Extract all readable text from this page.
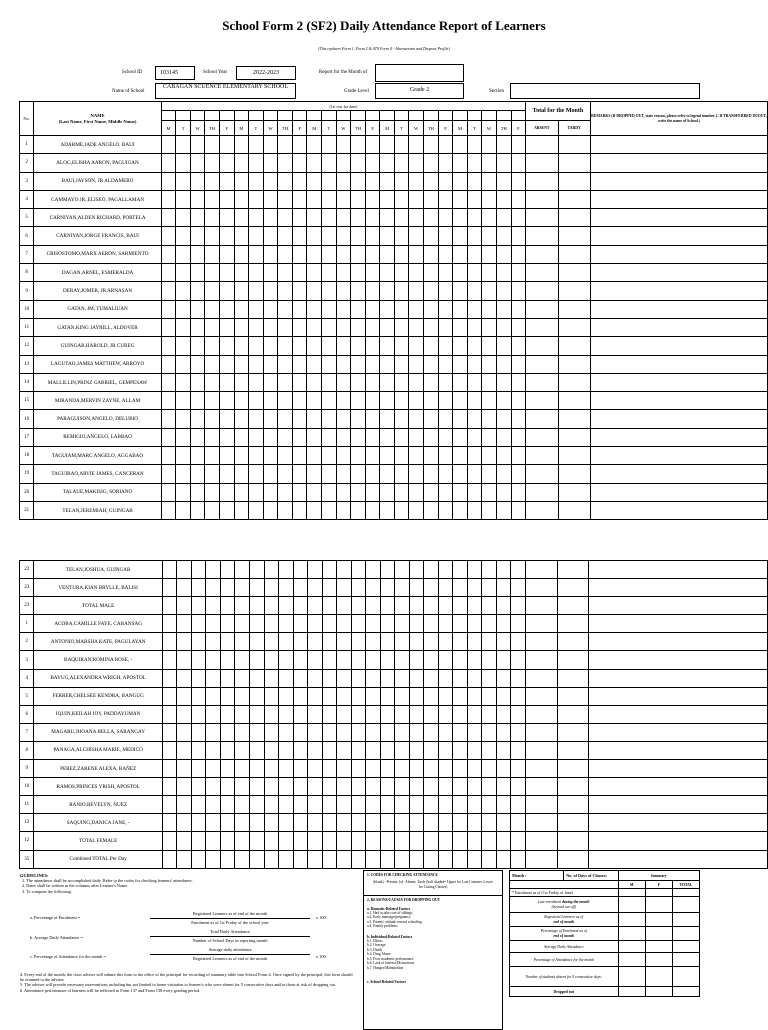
School Form 2 (SF2) Daily Attendance Report of Learners
(This replaces Form 1, Form 2 & STS Form 4 - Absenteeism and Dropout Profile)
School ID	103145	School Year	2022-2023	Report for the Month of
Name of School
CABAGAN SCUENCE ELEMENTARY SCHOOL
Grade Level	Grade 2	Section
No.	NAME
(Last Name, First Name, Middle Name)	(1st row for date)																									Total for the Month		REMARKS (If DROPPED OUT, state reason, please refer to legend number 2. If TRANSFERRED IN/OUT, write the name of School.)

		M	T	W	TH	F	M	T	W	TH	F	M	T	W	TH	F	M	T	W	TH	F	M	T	W	TH	F	ABSENT	TARDY	
1	ADARME,JADE ANGELO, BAUI																												
2	ALOG,ELISHA AARON, PAGUIGAN																												
3	BAUI,JAYSON, JR ALDAMERO																												
4	CAMMAYO JR.,ELISEO, PAGALLAMAN																												
5	CARNIYAN,ALDEN RICHARD, PORTELA																												
6	CARNIYAN,JORGE FRANCIS, BAUI																												
7	CRISOSTOMO,MARX AERON, SARMIENTO																												
8	DAGAN,ARNEL, ESMERALDA																												
9	DERAY,JOMER, JR ARNASAN																												
10	GATAN, JM, TUMALIUAN																												
11	GATAN,KING JAYRILL, ALDOVER																												
12	GUINGAB,HAROLD, JR CUREG																												
13	LAGUTAO,JAMES MATTHEW, ARROYO																												
14	MALLILLIN,PRINZ GABRIEL, GEMPESAW																												
15	MIRANDA,MERVIN ZAYNE, ALLAM																												
16	PARAGUISON,ANGELO, DELUBIO																												
17	REMIGIO,ANGELO, LABBAO																												
18	TAGUIAM,MARC ANGELO, AGGABAO																												
19	TAGUIBAO,ARVIE JAMES, CANCERAN																												
20	TALAUE,MAKISIG, SORIANO																												
21	TELAN,JEREMIAH, GUINGAB																												
22	TELAN,JOSHUA, GUINGAB																												
23	VENTURA,KIAN BRYLLE, BALISI																												
23	TOTAL MALE																												
1	ACOBA,CAMILLE FAYE, CABANSAG																												
2	ANTONIO,MARSHA KATE, PAGULAYAN																												
3	BAQUIRAN,ROMINA ROSE, -																												
4	BAYUG,ALEXANDRA WRIGH, APOSTOL																												
5	FERRER,CHELSEE KENDRA, BANGUG																												
6	IQUIN,KEILAH JOY, PADDAYUMAN																												
7	MAGARU,JHOANA BELLA, SARANGAY																												
8	PANAGA,ALCHISHA MARIE, MEDICO																												
9	PEREZ,ZARENE ALEXA, BAÑEZ																												
10	RAMOS,PRINCES YRISH, APOSTOL																												
11	RANIO,REVELYN, NUEZ																												
12	SAQUING,DANICA JANE, -																												
12	TOTAL FEMALE																												
35	Combined TOTAL Per Day																												
GUIDELINES:
1. The attendance shall be accomplished daily. Refer to the codes for checking learners' attendance.
2. Dates shall be written in the columns after Learner's Name.
3. To compute the following:
a. Percentage of Enrolment =
Registered Learners as of end of the month
Enrolment as of 1st Friday of the school year
x 100
b. Average Daily Attendance =
Total Daily Attendance
Number of School Days in reporting month
Average daily attendance
c. Percentage of Attendance for the month =	Registered Learners as of end of the month	x 100
4. Every end of the month, the class adviser will submit this form to the office of the principal for recording of summary table into School Form 4. Once signed by the principal, this form should be returned to the adviser.
5. The adviser will provide necessary interventions including but not limited to home visitation to learner/s who were absent for 5 consecutive days and/or those at risk of dropping out.
6. Attendance performance of learners will be reflected in Form 137 and Form 138 every grading period.
1. CODES FOR CHECKING ATTENDANCE
(blank) - Present; (x)- Absent; Tardy (half shaded= Upper for Late Commer, Lower for Cutting Classes)
2. REASONS/CAUSES FOR DROPPING OUT
a. Domestic-Related Factors
a.1. Had to take care of siblings
a.2. Early marriage/pregnancy
a.3. Parents' attitude toward schooling
a.4. Family problems
b. Individual-Related Factors
b.1. Illness
b.2. Overage
b.3. Death
b.4. Drug Abuse
b.5. Poor academic performance
b.6. Lack of interest/Distractions
b.7. Hunger/Malnutrition
c. School-Related Factors
Month :	No. of Days of Classes:	Summary		
		M	F	TOTAL
* Enrolment as of (1st Friday of June)				
Late enrolment during the month
(beyond cut-off)				
Registered Learners as of
end of month				
Percentage of Enrolment as of
end of month				
Average Daily Attendance				
Percentage of Attendance for the month				
Number of students absent for 5 consecutive days:				
Dropped out				
